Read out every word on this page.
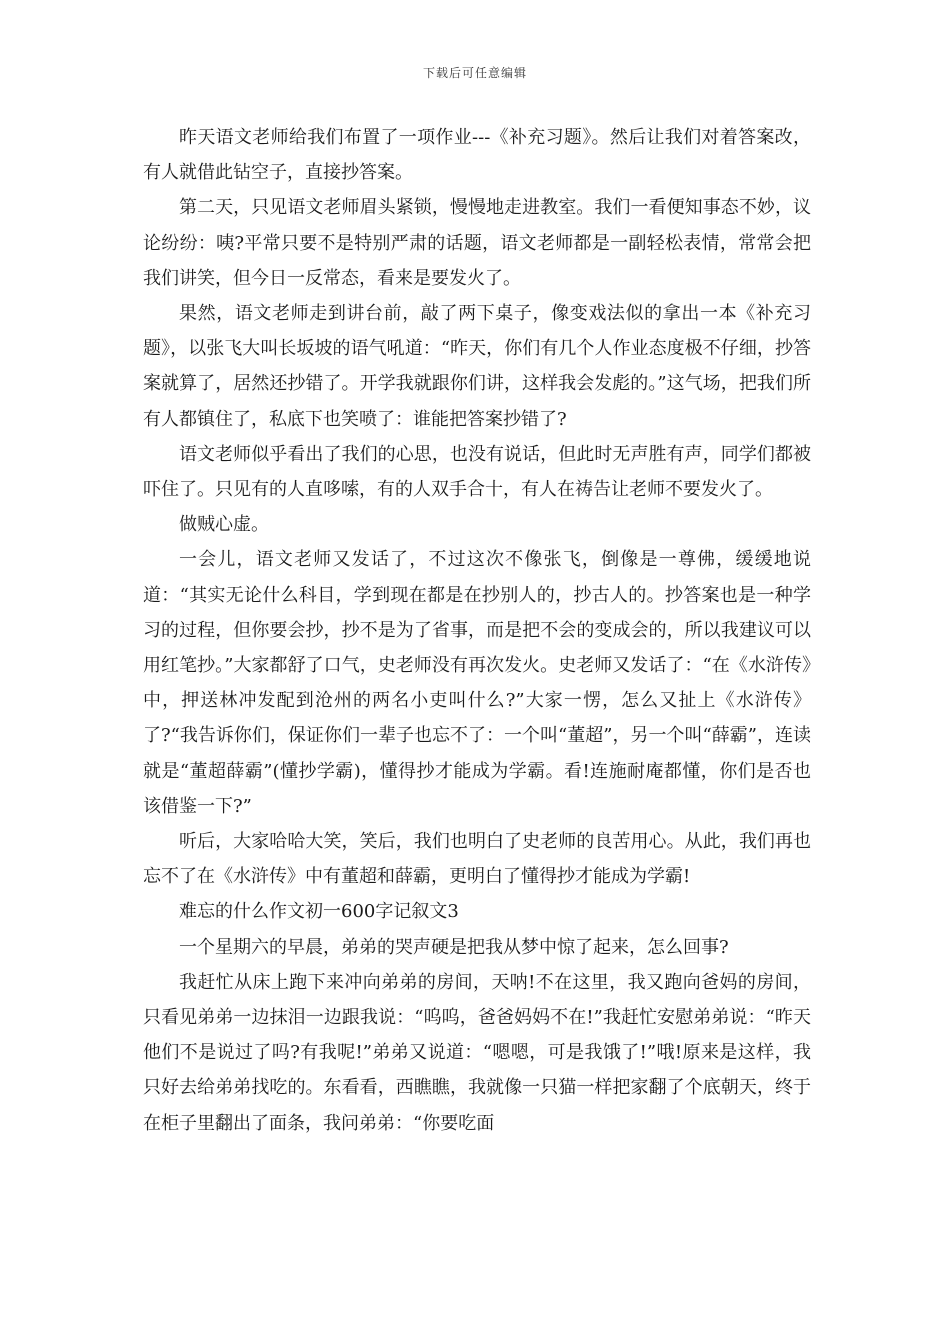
下载后可任意编辑

昨天语文老师给我们布置了一项作业---《补充习题》。然后让我们对着答案改，有人就借此钻空子，直接抄答案。

第二天，只见语文老师眉头紧锁，慢慢地走进教室。我们一看便知事态不妙，议论纷纷：咦?平常只要不是特别严肃的话题，语文老师都是一副轻松表情，常常会把我们讲笑，但今日一反常态，看来是要发火了。

果然，语文老师走到讲台前，敲了两下桌子，像变戏法似的拿出一本《补充习题》，以张飞大叫长坂坡的语气吼道：“昨天，你们有几个人作业态度极不仔细，抄答案就算了，居然还抄错了。开学我就跟你们讲，这样我会发彪的。”这气场，把我们所有人都镇住了，私底下也笑喷了：谁能把答案抄错了?

语文老师似乎看出了我们的心思，也没有说话，但此时无声胜有声，同学们都被吓住了。只见有的人直哆嗦，有的人双手合十，有人在祷告让老师不要发火了。

做贼心虚。

一会儿，语文老师又发话了，不过这次不像张飞，倒像是一尊佛，缓缓地说道：“其实无论什么科目，学到现在都是在抄别人的，抄古人的。抄答案也是一种学习的过程，但你要会抄，抄不是为了省事，而是把不会的变成会的，所以我建议可以用红笔抄。”大家都舒了口气，史老师没有再次发火。史老师又发话了：“在《水浒传》中，押送林冲发配到沧州的两名小吏叫什么?”大家一愣，怎么又扯上《水浒传》了?“我告诉你们，保证你们一辈子也忘不了：一个叫“董超”，另一个叫“薛霸”，连读就是“董超薛霸”(懂抄学霸)，懂得抄才能成为学霸。看!连施耐庵都懂，你们是否也该借鉴一下?”

听后，大家哈哈大笑，笑后，我们也明白了史老师的良苦用心。从此，我们再也忘不了在《水浒传》中有董超和薛霸，更明白了懂得抄才能成为学霸!

难忘的什么作文初一600字记叙文3

一个星期六的早晨，弟弟的哭声硬是把我从梦中惊了起来，怎么回事?

我赶忙从床上跑下来冲向弟弟的房间，天呐!不在这里，我又跑向爸妈的房间，只看见弟弟一边抹泪一边跟我说：“呜呜，爸爸妈妈不在!”我赶忙安慰弟弟说：“昨天他们不是说过了吗?有我呢!”弟弟又说道：“嗯嗯，可是我饿了!”哦!原来是这样，我只好去给弟弟找吃的。东看看，西瞧瞧，我就像一只猫一样把家翻了个底朝天，终于在柜子里翻出了面条，我问弟弟：“你要吃面
